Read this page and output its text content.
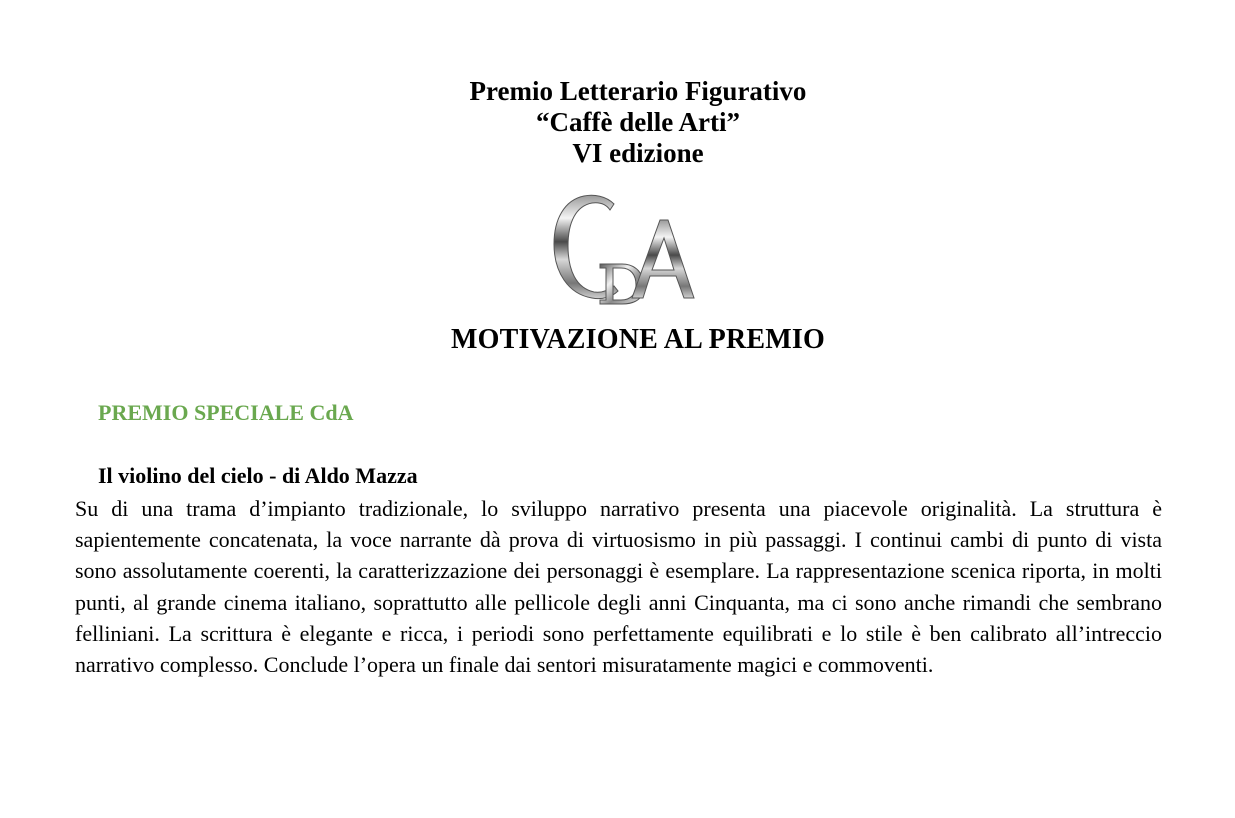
Premio Letterario Figurativo
“Caffè delle Arti”
VI edizione
MOTIVAZIONE AL PREMIO
PREMIO SPECIALE CdA
Il violino del cielo - di Aldo Mazza

Su di una trama d’impianto tradizionale, lo sviluppo narrativo presenta una piacevole originalità. La struttura è sapientemente concatenata, la voce narrante dà prova di virtuosismo in più passaggi. I continui cambi di punto di vista sono assolutamente coerenti, la caratterizzazione dei personaggi è esemplare. La rappresentazione scenica riporta, in molti punti, al grande cinema italiano, soprattutto alle pellicole degli anni Cinquanta, ma ci sono anche rimandi che sembrano felliniani. La scrittura è elegante e ricca, i periodi sono perfettamente equilibrati e lo stile è ben calibrato all’intreccio narrativo complesso. Conclude l’opera un finale dai sentori misuratamente magici e commoventi.
